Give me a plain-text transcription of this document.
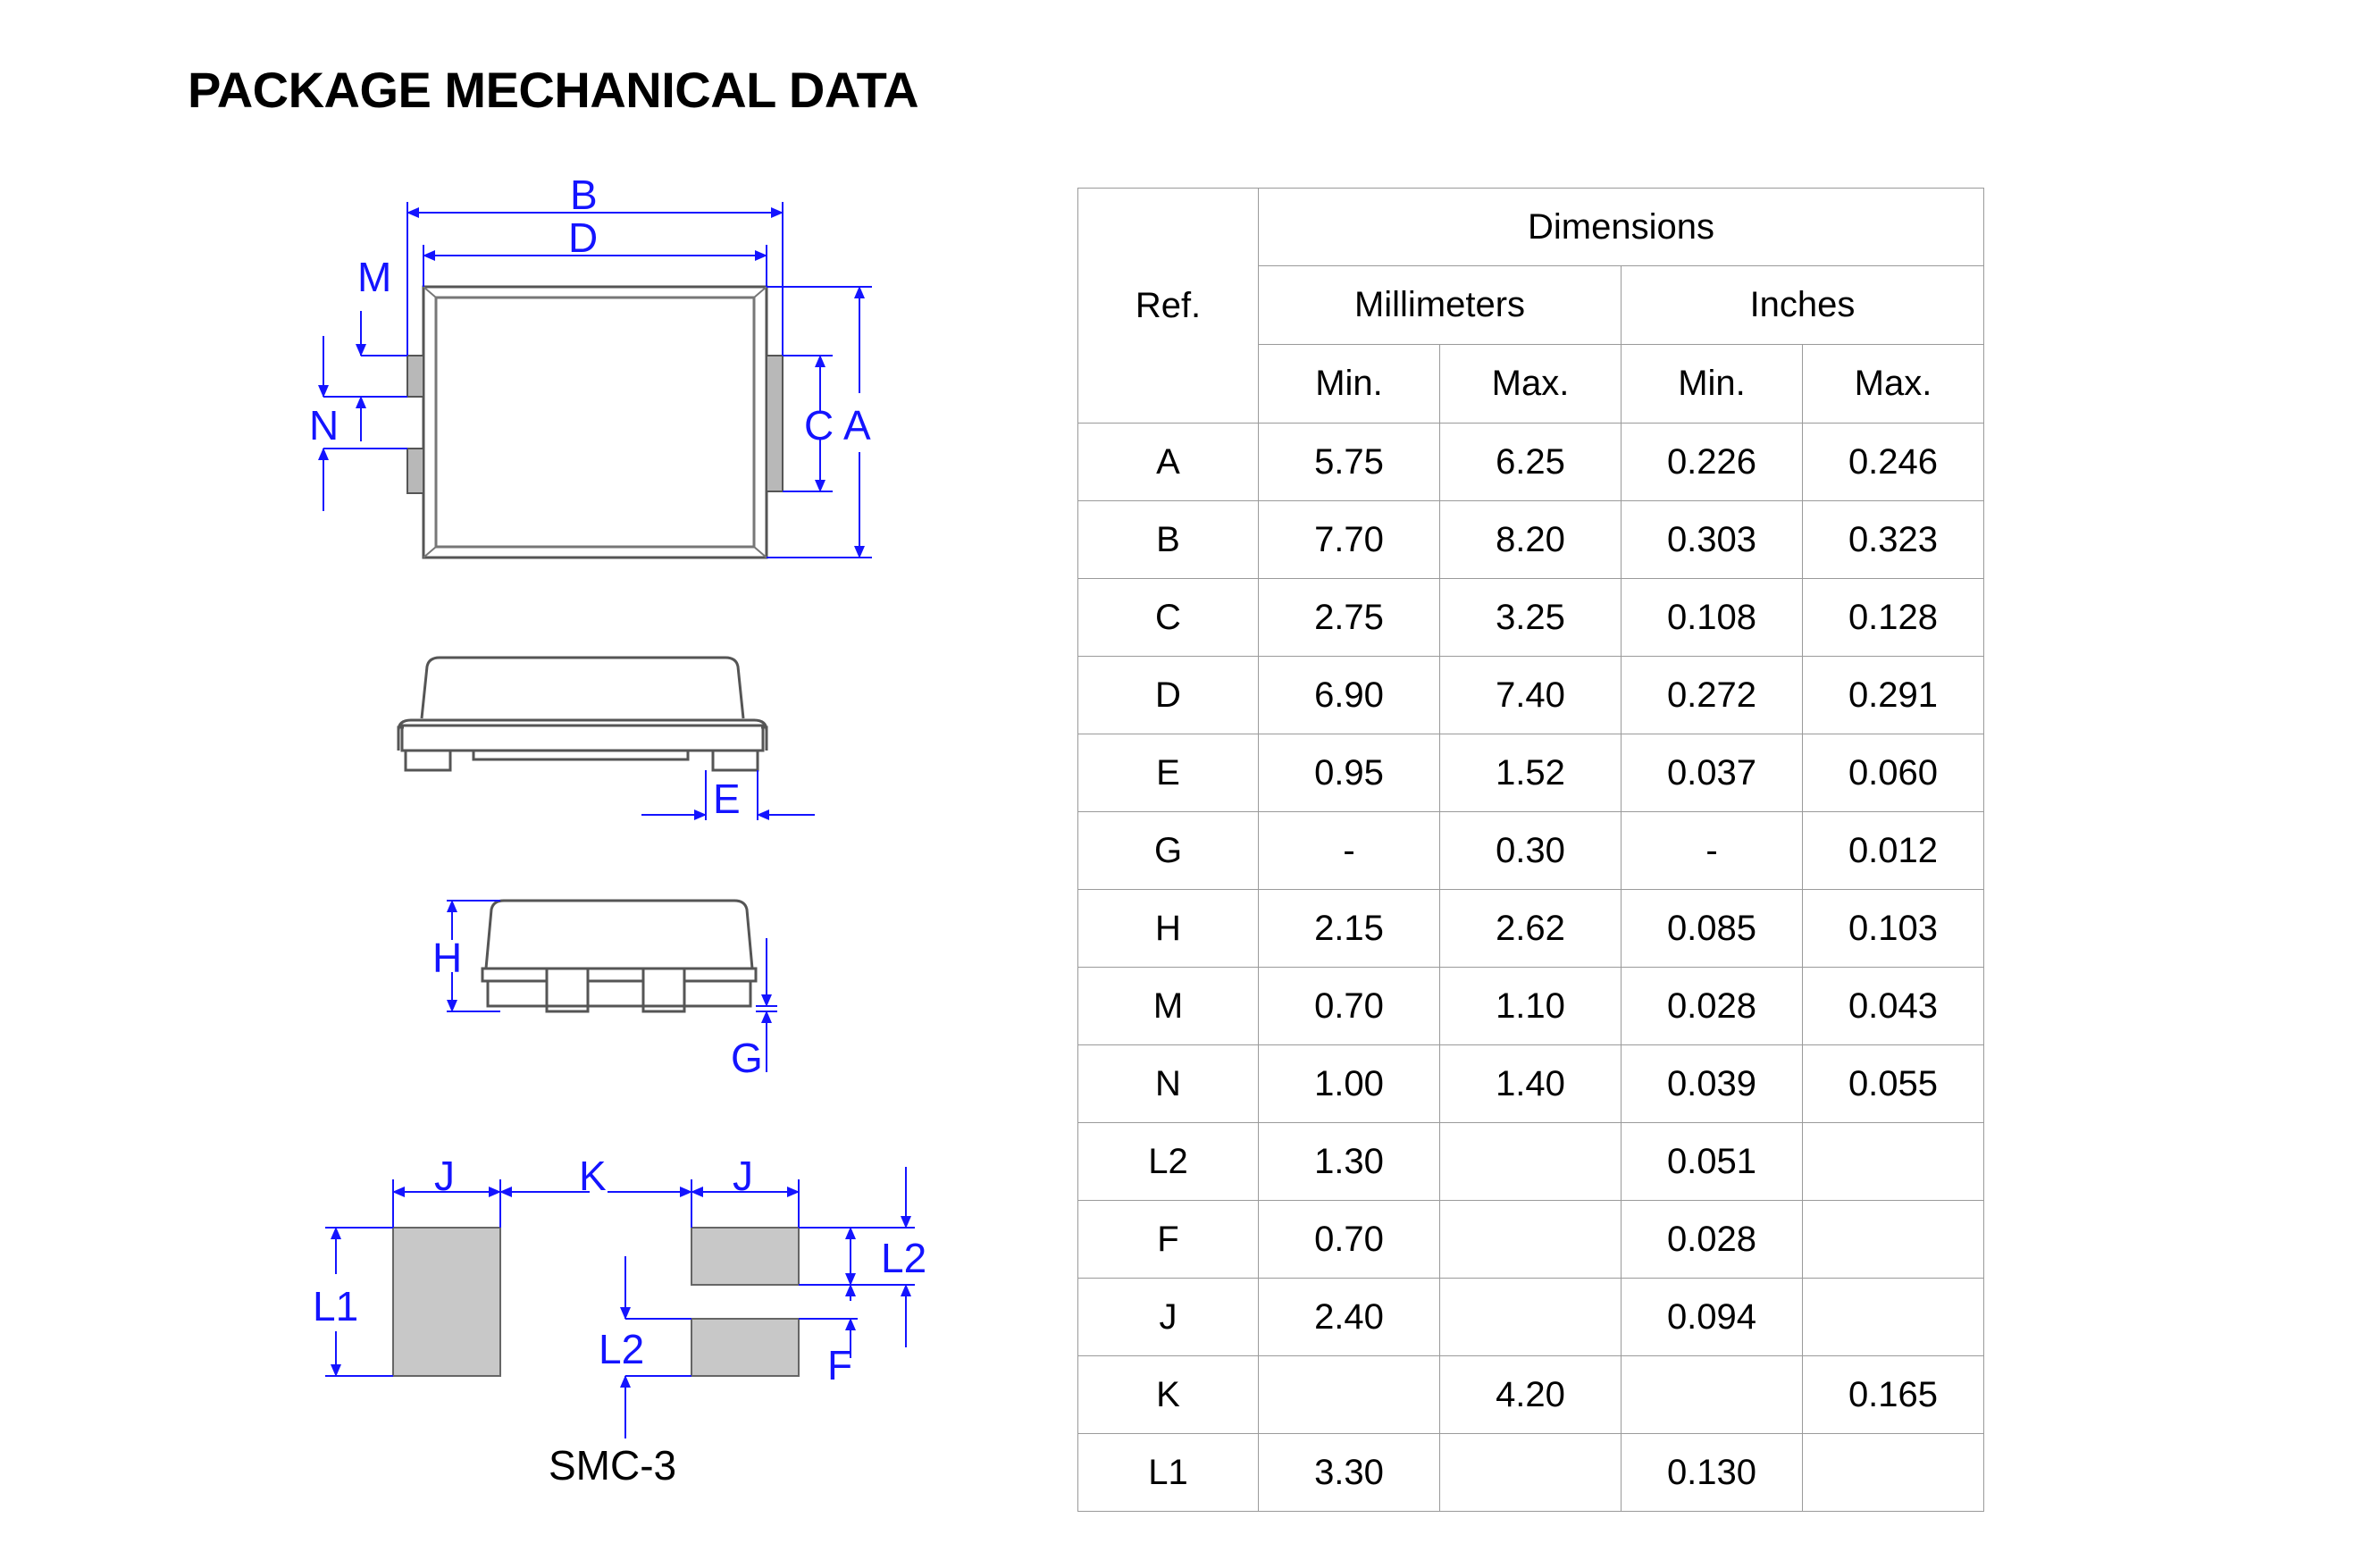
PACKAGE MECHANICAL DATA
B
D
M
N	C A
E
H
G
J	K	J
L1
L2
L2	F
SMC-3
Ref.	Dimensions			
	Millimeters		Inches	
	Min.	Max.	Min.	Max.
A	5.75	6.25	0.226	0.246
B	7.70	8.20	0.303	0.323
C	2.75	3.25	0.108	0.128
D	6.90	7.40	0.272	0.291
E	0.95	1.52	0.037	0.060
G	-	0.30	-	0.012
H	2.15	2.62	0.085	0.103
M	0.70	1.10	0.028	0.043
N	1.00	1.40	0.039	0.055
L2	1.30		0.051	
F	0.70		0.028	
J	2.40		0.094	
K		4.20		0.165
L1	3.30		0.130	
